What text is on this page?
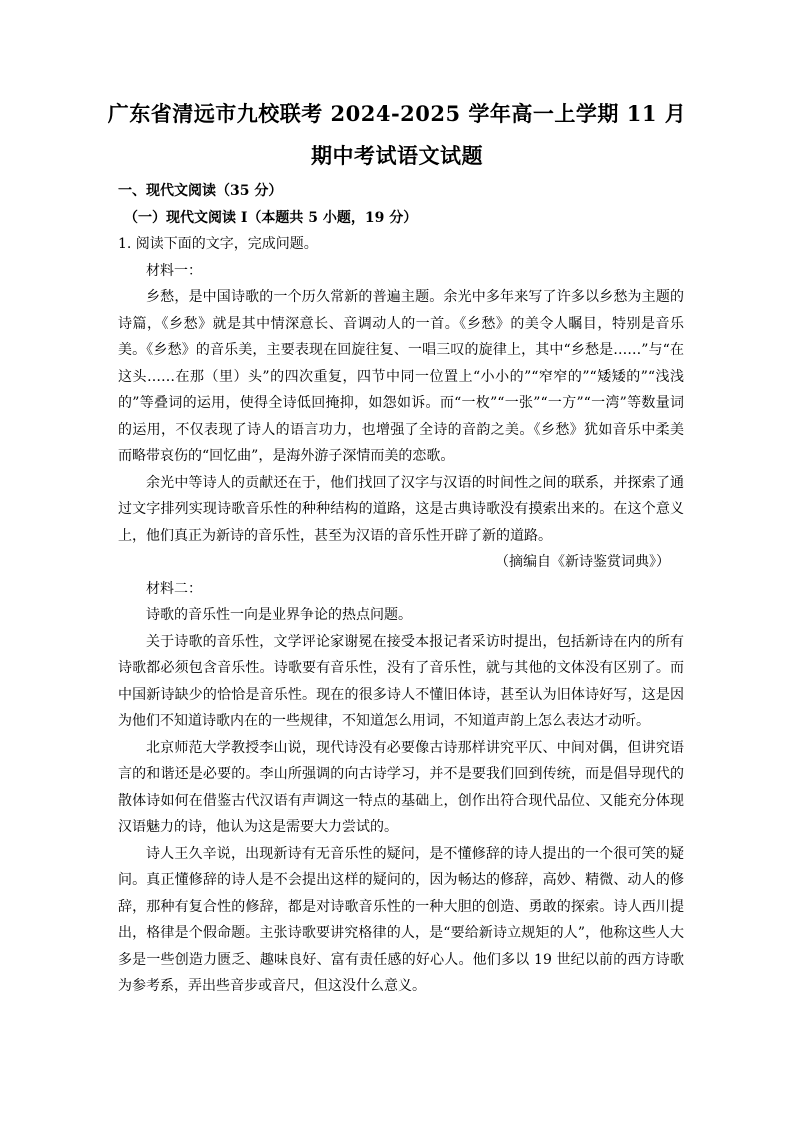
广东省清远市九校联考 2024-2025 学年高一上学期 11 月
期中考试语文试题

一、现代文阅读（35 分）

（一）现代文阅读 I（本题共 5 小题，19 分）

1. 阅读下面的文字，完成问题。

材料一：

乡愁，是中国诗歌的一个历久常新的普遍主题。余光中多年来写了许多以乡愁为主题的诗篇，《乡愁》就是其中情深意长、音调动人的一首。《乡愁》的美令人瞩目，特别是音乐美。《乡愁》的音乐美，主要表现在回旋往复、一唱三叹的旋律上，其中“乡愁是……”与“在这头……在那（里）头”的四次重复，四节中同一位置上“小小的”“窄窄的”“矮矮的”“浅浅的”等叠词的运用，使得全诗低回掩抑，如怨如诉。而“一枚”“一张”“一方”“一湾”等数量词的运用，不仅表现了诗人的语言功力，也增强了全诗的音韵之美。《乡愁》犹如音乐中柔美而略带哀伤的“回忆曲”，是海外游子深情而美的恋歌。

余光中等诗人的贡献还在于，他们找回了汉字与汉语的时间性之间的联系，并探索了通过文字排列实现诗歌音乐性的种种结构的道路，这是古典诗歌没有摸索出来的。在这个意义上，他们真正为新诗的音乐性，甚至为汉语的音乐性开辟了新的道路。

（摘编自《新诗鉴赏词典》）

材料二：

诗歌的音乐性一向是业界争论的热点问题。

关于诗歌的音乐性，文学评论家谢冕在接受本报记者采访时提出，包括新诗在内的所有诗歌都必须包含音乐性。诗歌要有音乐性，没有了音乐性，就与其他的文体没有区别了。而中国新诗缺少的恰恰是音乐性。现在的很多诗人不懂旧体诗，甚至认为旧体诗好写，这是因为他们不知道诗歌内在的一些规律，不知道怎么用词，不知道声韵上怎么表达才动听。

北京师范大学教授李山说，现代诗没有必要像古诗那样讲究平仄、中间对偶，但讲究语言的和谐还是必要的。李山所强调的向古诗学习，并不是要我们回到传统，而是倡导现代的散体诗如何在借鉴古代汉语有声调这一特点的基础上，创作出符合现代品位、又能充分体现汉语魅力的诗，他认为这是需要大力尝试的。

诗人王久辛说，出现新诗有无音乐性的疑问，是不懂修辞的诗人提出的一个很可笑的疑问。真正懂修辞的诗人是不会提出这样的疑问的，因为畅达的修辞，高妙、精微、动人的修辞，那种有复合性的修辞，都是对诗歌音乐性的一种大胆的创造、勇敢的探索。诗人西川提出，格律是个假命题。主张诗歌要讲究格律的人，是“要给新诗立规矩的人”，他称这些人大多是一些创造力匮乏、趣味良好、富有责任感的好心人。他们多以 19 世纪以前的西方诗歌为参考系，弄出些音步或音尺，但这没什么意义。
